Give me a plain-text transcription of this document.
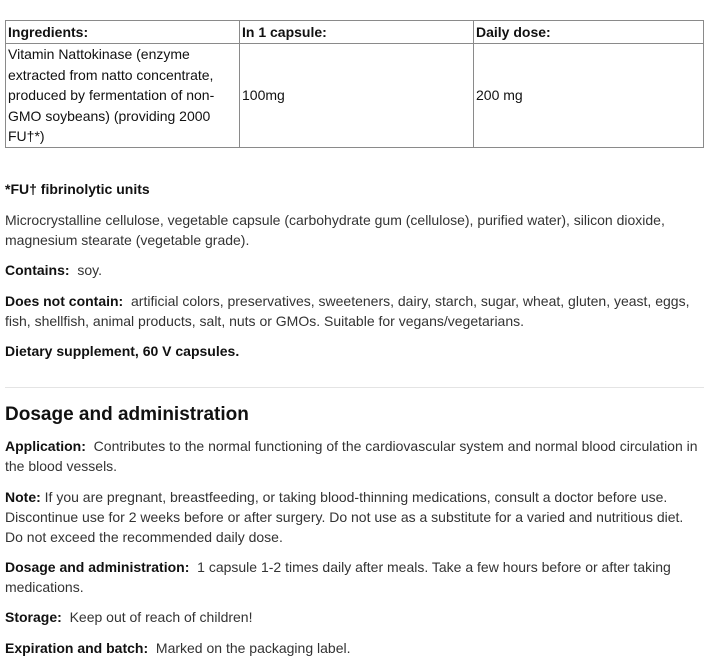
Ingredients:	In 1 capsule:	Daily dose:
Vitamin Nattokinase (enzyme extracted from natto concentrate, produced by fermentation of non-GMO soybeans) (providing 2000 FU†*)	100mg	200 mg

*FU† fibrinolytic units

Microcrystalline cellulose, vegetable capsule (carbohydrate gum (cellulose), purified water), silicon dioxide, magnesium stearate (vegetable grade).

Contains: soy.

Does not contain: artificial colors, preservatives, sweeteners, dairy, starch, sugar, wheat, gluten, yeast, eggs, fish, shellfish, animal products, salt, nuts or GMOs. Suitable for vegans/vegetarians.

Dietary supplement, 60 V capsules.

Dosage and administration

Application: Contributes to the normal functioning of the cardiovascular system and normal blood circulation in the blood vessels.

Note: If you are pregnant, breastfeeding, or taking blood-thinning medications, consult a doctor before use. Discontinue use for 2 weeks before or after surgery. Do not use as a substitute for a varied and nutritious diet. Do not exceed the recommended daily dose.

Dosage and administration: 1 capsule 1-2 times daily after meals. Take a few hours before or after taking medications.

Storage: Keep out of reach of children!

Expiration and batch: Marked on the packaging label.
